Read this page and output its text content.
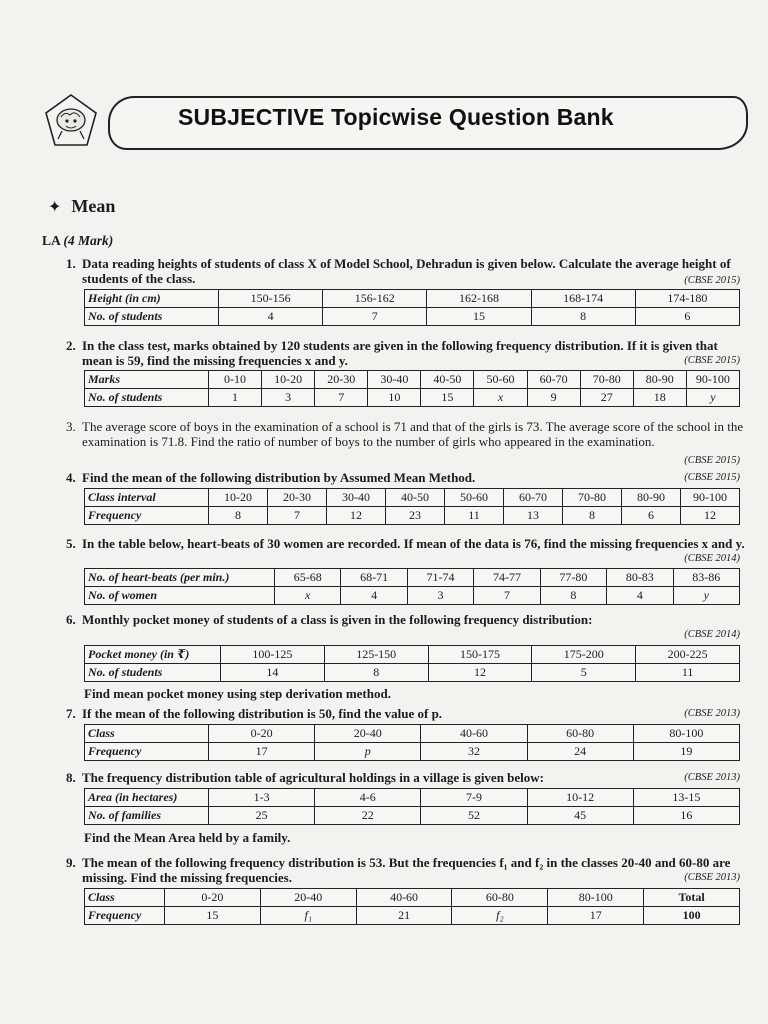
SUBJECTIVE Topicwise Question Bank
✦ Mean
LA (4 Mark)
1. Data reading heights of students of class X of Model School, Dehradun is given below. Calculate the average height of students of the class.	(CBSE 2015)
Height (in cm)	150-156	156-162	162-168	168-174	174-180
No. of students	4	7	15	8	6
2. In the class test, marks obtained by 120 students are given in the following frequency distribution. If it is given that mean is 59, find the missing frequencies x and y.	(CBSE 2015)
Marks	0-10	10-20	20-30	30-40	40-50	50-60	60-70	70-80	80-90	90-100
No. of students	1	3	7	10	15	x	9	27	18	y
3. The average score of boys in the examination of a school is 71 and that of the girls is 73. The average score of the school in the examination is 71.8. Find the ratio of number of boys to the number of girls who appeared in the examination.
(CBSE 2015)
4. Find the mean of the following distribution by Assumed Mean Method.	(CBSE 2015)
Class interval	10-20	20-30	30-40	40-50	50-60	60-70	70-80	80-90	90-100
Frequency	8	7	12	23	11	13	8	6	12
5. In the table below, heart-beats of 30 women are recorded. If mean of the data is 76, find the missing frequencies x and y.
(CBSE 2014)
No. of heart-beats (per min.)	65-68	68-71	71-74	74-77	77-80	80-83	83-86
No. of women	x	4	3	7	8	4	y
6. Monthly pocket money of students of a class is given in the following frequency distribution:
(CBSE 2014)
Pocket money (in ₹)	100-125	125-150	150-175	175-200	200-225
No. of students	14	8	12	5	11
Find mean pocket money using step derivation method.
7. If the mean of the following distribution is 50, find the value of p.	(CBSE 2013)
Class	0-20	20-40	40-60	60-80	80-100
Frequency	17	p	32	24	19
8. The frequency distribution table of agricultural holdings in a village is given below:	(CBSE 2013)
Area (in hectares)	1-3	4-6	7-9	10-12	13-15
No. of families	25	22	52	45	16
Find the Mean Area held by a family.
9. The mean of the following frequency distribution is 53. But the frequencies f₁ and f₂ in the classes 20-40 and 60-80 are missing. Find the missing frequencies.	(CBSE 2013)
Class	0-20	20-40	40-60	60-80	80-100	Total
Frequency	15	f₁	21	f₂	17	100
